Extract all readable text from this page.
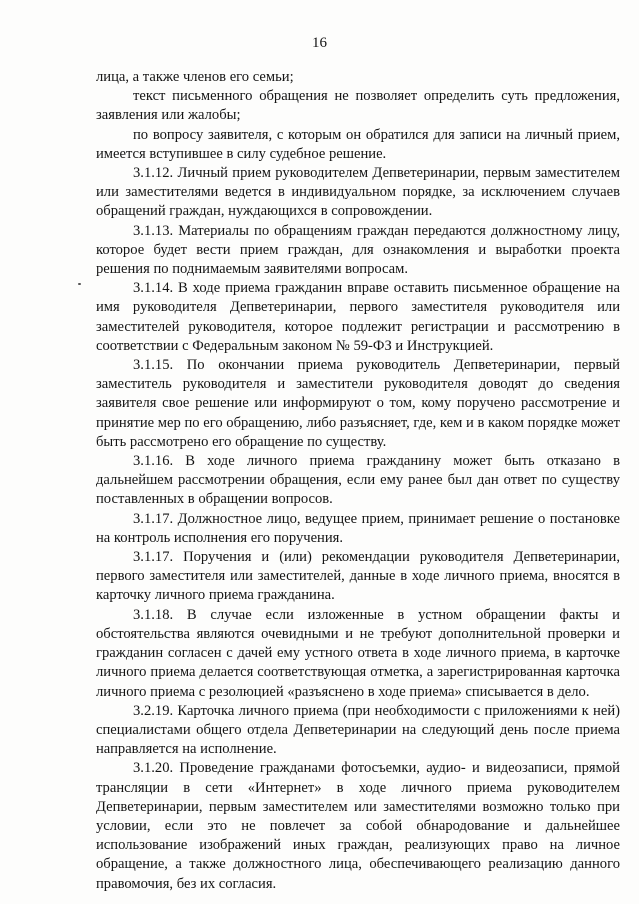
16

лица, а также членов его семьи;

текст письменного обращения не позволяет определить суть предложения, заявления или жалобы;

по вопросу заявителя, с которым он обратился для записи на личный прием, имеется вступившее в силу судебное решение.

3.1.12. Личный прием руководителем Депветеринарии, первым заместителем или заместителями ведется в индивидуальном порядке, за исключением случаев обращений граждан, нуждающихся в сопровождении.

3.1.13. Материалы по обращениям граждан передаются должностному лицу, которое будет вести прием граждан, для ознакомления и выработки проекта решения по поднимаемым заявителями вопросам.

3.1.14. В ходе приема гражданин вправе оставить письменное обращение на имя руководителя Депветеринарии, первого заместителя руководителя или заместителей руководителя, которое подлежит регистрации и рассмотрению в соответствии с Федеральным законом № 59-ФЗ и Инструкцией.

3.1.15. По окончании приема руководитель Депветеринарии, первый заместитель руководителя и заместители руководителя доводят до сведения заявителя свое решение или информируют о том, кому поручено рассмотрение и принятие мер по его обращению, либо разъясняет, где, кем и в каком порядке может быть рассмотрено его обращение по существу.

3.1.16. В ходе личного приема гражданину может быть отказано в дальнейшем рассмотрении обращения, если ему ранее был дан ответ по существу поставленных в обращении вопросов.

3.1.17. Должностное лицо, ведущее прием, принимает решение о постановке на контроль исполнения его поручения.

3.1.17. Поручения и (или) рекомендации руководителя Депветеринарии, первого заместителя или заместителей, данные в ходе личного приема, вносятся в карточку личного приема гражданина.

3.1.18. В случае если изложенные в устном обращении факты и обстоятельства являются очевидными и не требуют дополнительной проверки и гражданин согласен с дачей ему устного ответа в ходе личного приема, в карточке личного приема делается соответствующая отметка, а зарегистрированная карточка личного приема с резолюцией «разъяснено в ходе приема» списывается в дело.

3.2.19. Карточка личного приема (при необходимости с приложениями к ней) специалистами общего отдела Депветеринарии на следующий день после приема направляется на исполнение.

3.1.20. Проведение гражданами фотосъемки, аудио- и видеозаписи, прямой трансляции в сети «Интернет» в ходе личного приема руководителем Депветеринарии, первым заместителем или заместителями возможно только при условии, если это не повлечет за собой обнародование и дальнейшее использование изображений иных граждан, реализующих право на личное обращение, а также должностного лица, обеспечивающего реализацию данного правомочия, без их согласия.
